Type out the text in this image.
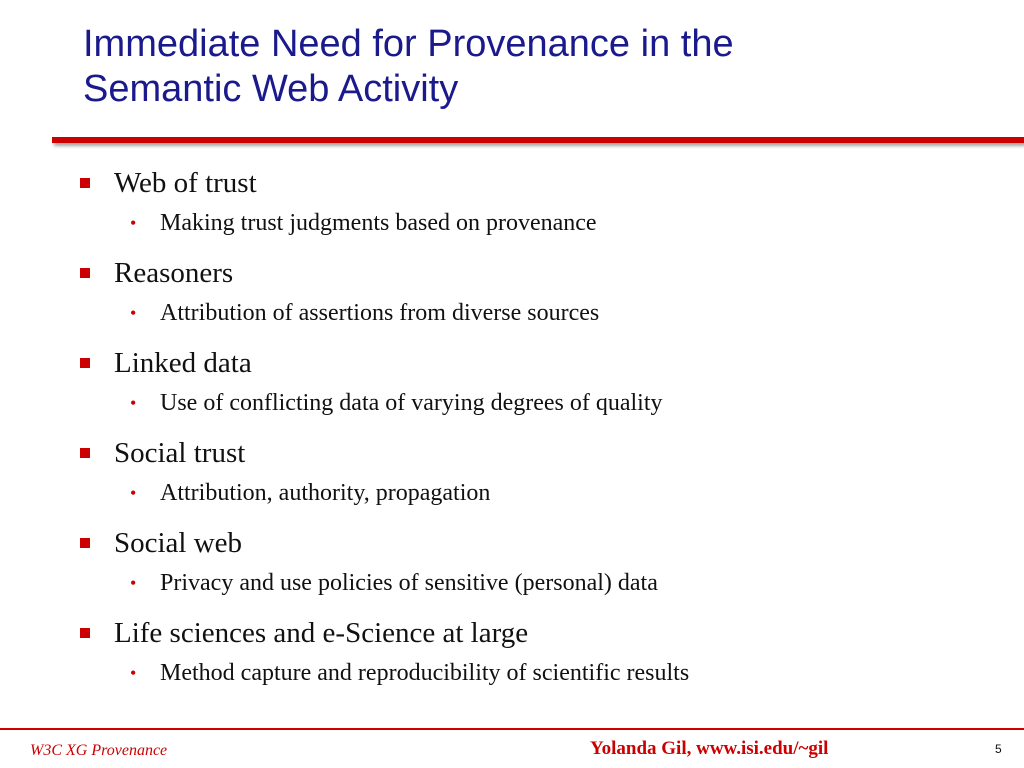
Immediate Need for Provenance in the
Semantic Web Activity
Web of trust
• Making trust judgments based on provenance
Reasoners
• Attribution of assertions from diverse sources
Linked data
• Use of conflicting data of varying degrees of quality
Social trust
• Attribution, authority, propagation
Social web
• Privacy and use policies of sensitive (personal) data
Life sciences and e-Science at large
• Method capture and reproducibility of scientific results
W3C XG Provenance	Yolanda Gil, www.isi.edu/~gil	5
